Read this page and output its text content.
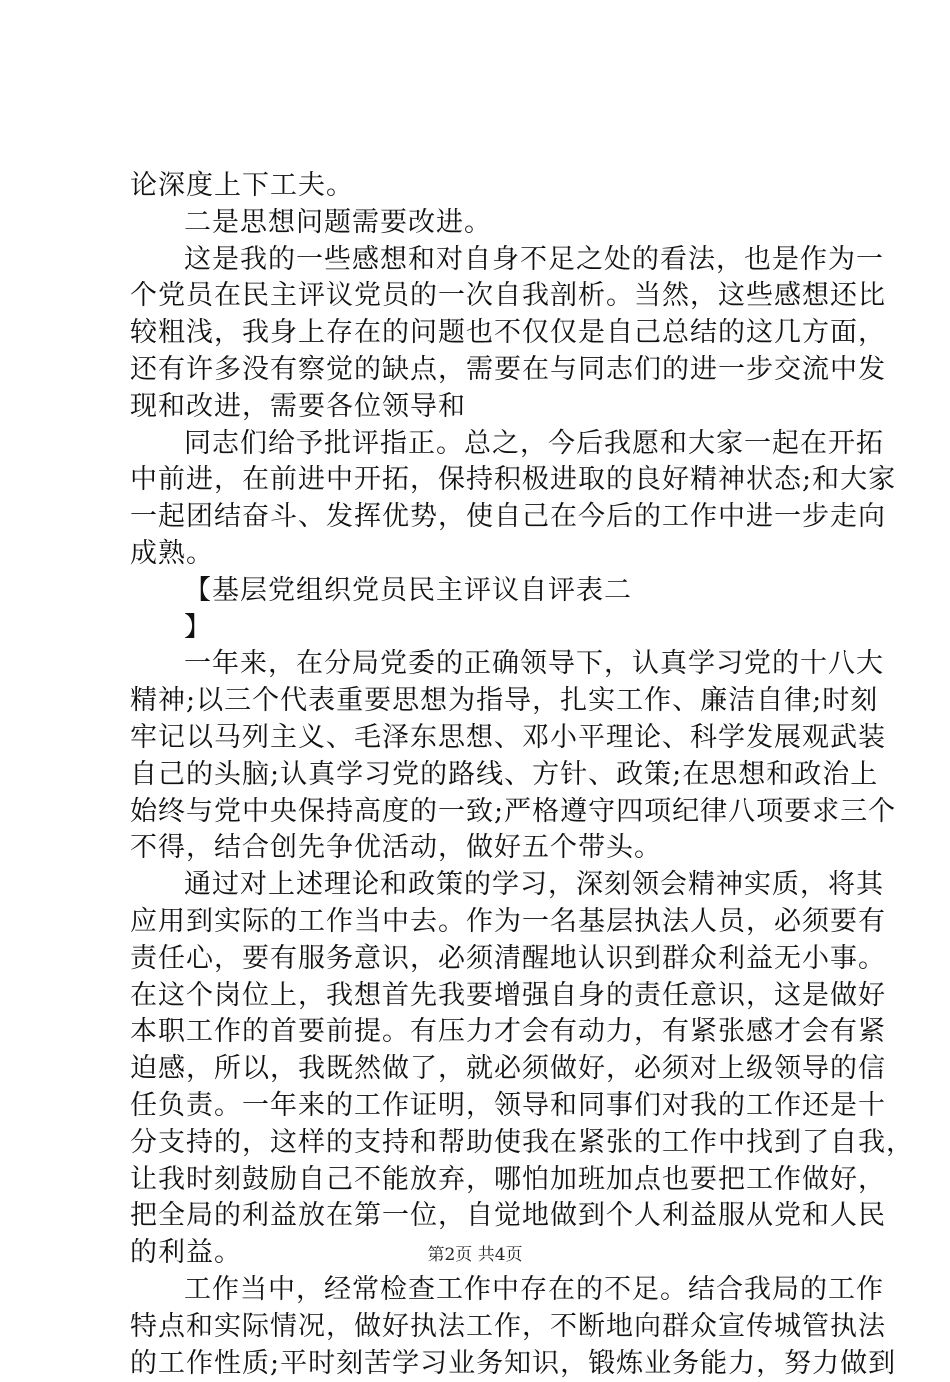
论深度上下工夫。
二是思想问题需要改进。
这是我的一些感想和对自身不足之处的看法，也是作为一
个党员在民主评议党员的一次自我剖析。当然，这些感想还比
较粗浅，我身上存在的问题也不仅仅是自己总结的这几方面，
还有许多没有察觉的缺点，需要在与同志们的进一步交流中发
现和改进，需要各位领导和
同志们给予批评指正。总之，今后我愿和大家一起在开拓
中前进，在前进中开拓，保持积极进取的良好精神状态;和大家
一起团结奋斗、发挥优势，使自己在今后的工作中进一步走向
成熟。
【基层党组织党员民主评议自评表二
】
一年来，在分局党委的正确领导下，认真学习党的十八大
精神;以三个代表重要思想为指导，扎实工作、廉洁自律;时刻
牢记以马列主义、毛泽东思想、邓小平理论、科学发展观武装
自己的头脑;认真学习党的路线、方针、政策;在思想和政治上
始终与党中央保持高度的一致;严格遵守四项纪律八项要求三个
不得，结合创先争优活动，做好五个带头。
通过对上述理论和政策的学习，深刻领会精神实质，将其
应用到实际的工作当中去。作为一名基层执法人员，必须要有
责任心，要有服务意识，必须清醒地认识到群众利益无小事。
在这个岗位上，我想首先我要增强自身的责任意识，这是做好
本职工作的首要前提。有压力才会有动力，有紧张感才会有紧
迫感，所以，我既然做了，就必须做好，必须对上级领导的信
任负责。一年来的工作证明，领导和同事们对我的工作还是十
分支持的，这样的支持和帮助使我在紧张的工作中找到了自我，
让我时刻鼓励自己不能放弃，哪怕加班加点也要把工作做好，
把全局的利益放在第一位，自觉地做到个人利益服从党和人民
的利益。
工作当中，经常检查工作中存在的不足。结合我局的工作
特点和实际情况，做好执法工作，不断地向群众宣传城管执法
的工作性质;平时刻苦学习业务知识，锻炼业务能力，努力做到
第2页 共4页
